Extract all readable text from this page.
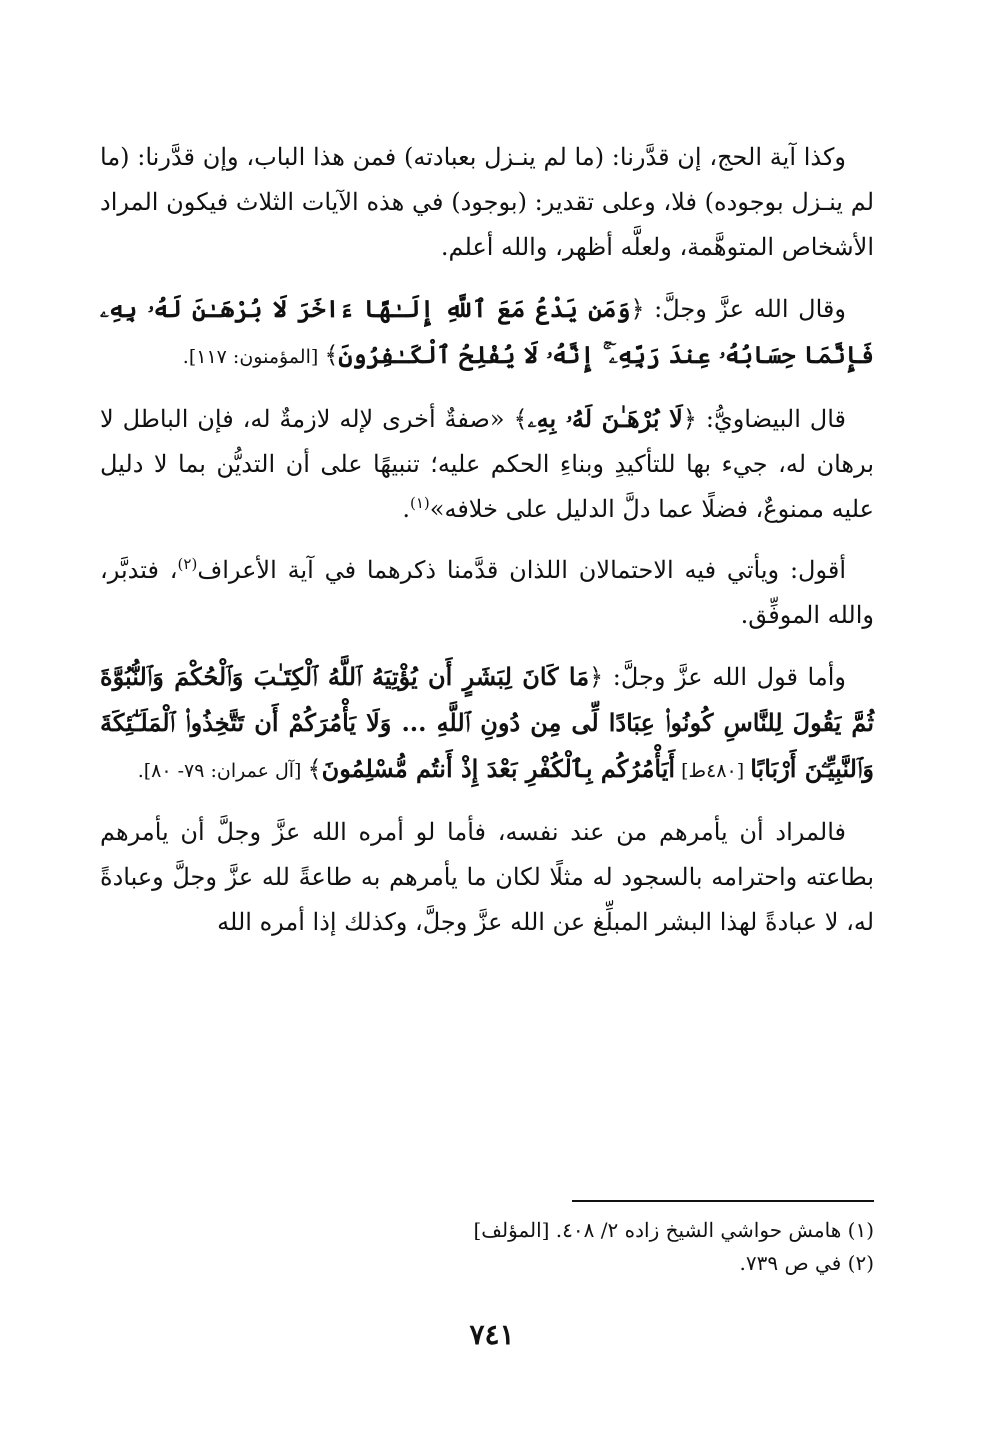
وكذا آية الحج، إن قدَّرنا: (ما لم ينـزل بعبادته) فمن هذا الباب، وإن قدَّرنا: (ما لم ينـزل بوجوده) فلا، وعلى تقدير: (بوجود) في هذه الآيات الثلاث فيكون المراد الأشخاص المتوهَّمة، ولعلَّه أظهر، والله أعلم.

وقال الله عزَّ وجلَّ: ﴿وَمَن يَدْعُ مَعَ ٱللَّهِ إِلَـٰهًا ءَاخَرَ لَا بُرْهَـٰنَ لَهُۥ بِهِۦ فَإِنَّمَا حِسَابُهُۥ عِندَ رَبِّهِۦٓ ۚ إِنَّهُۥ لَا يُفْلِحُ ٱلْكَـٰفِرُونَ﴾ [المؤمنون: ١١٧].

قال البيضاويُّ: ﴿لَا بُرْهَـٰنَ لَهُۥ بِهِۦ﴾ «صفةٌ أخرى لإله لازمةٌ له، فإن الباطل لا برهان له، جيء بها للتأكيدِ وبناءِ الحكم عليه؛ تنبيهًا على أن التديُّن بما لا دليل عليه ممنوعٌ، فضلًا عما دلَّ الدليل على خلافه»$^{(١)}$.

أقول: ويأتي فيه الاحتمالان اللذان قدَّمنا ذكرهما في آية الأعراف$^{(٢)}$، فتدبَّر، والله الموفِّق.

وأما قول الله عزَّ وجلَّ: ﴿مَا كَانَ لِبَشَرٍ أَن يُؤْتِيَهُ ٱللَّهُ ٱلْكِتَـٰبَ وَٱلْحُكْمَ وَٱلنُّبُوَّةَ ثُمَّ يَقُولَ لِلنَّاسِ كُونُوا۟ عِبَادًا لِّى مِن دُونِ ٱللَّهِ ... وَلَا يَأْمُرَكُمْ أَن تَتَّخِذُوا۟ ٱلْمَلَـٰٓئِكَةَ وَٱلنَّبِيِّـۧنَ أَرْبَابًا [٤٨٠ط] أَيَأْمُرُكُم بِٱلْكُفْرِ بَعْدَ إِذْ أَنتُم مُّسْلِمُونَ﴾ [آل عمران: ٧٩- ٨٠].

فالمراد أن يأمرهم من عند نفسه، فأما لو أمره الله عزَّ وجلَّ أن يأمرهم بطاعته واحترامه بالسجود له مثلًا لكان ما يأمرهم به طاعةً لله عزَّ وجلَّ وعبادةً له، لا عبادةً لهذا البشر المبلِّغ عن الله عزَّ وجلَّ، وكذلك إذا أمره الله

(١) هامش حواشي الشيخ زاده ٢/ ٤٠٨. [المؤلف]

(٢) في ص ٧٣٩.

٧٤١
